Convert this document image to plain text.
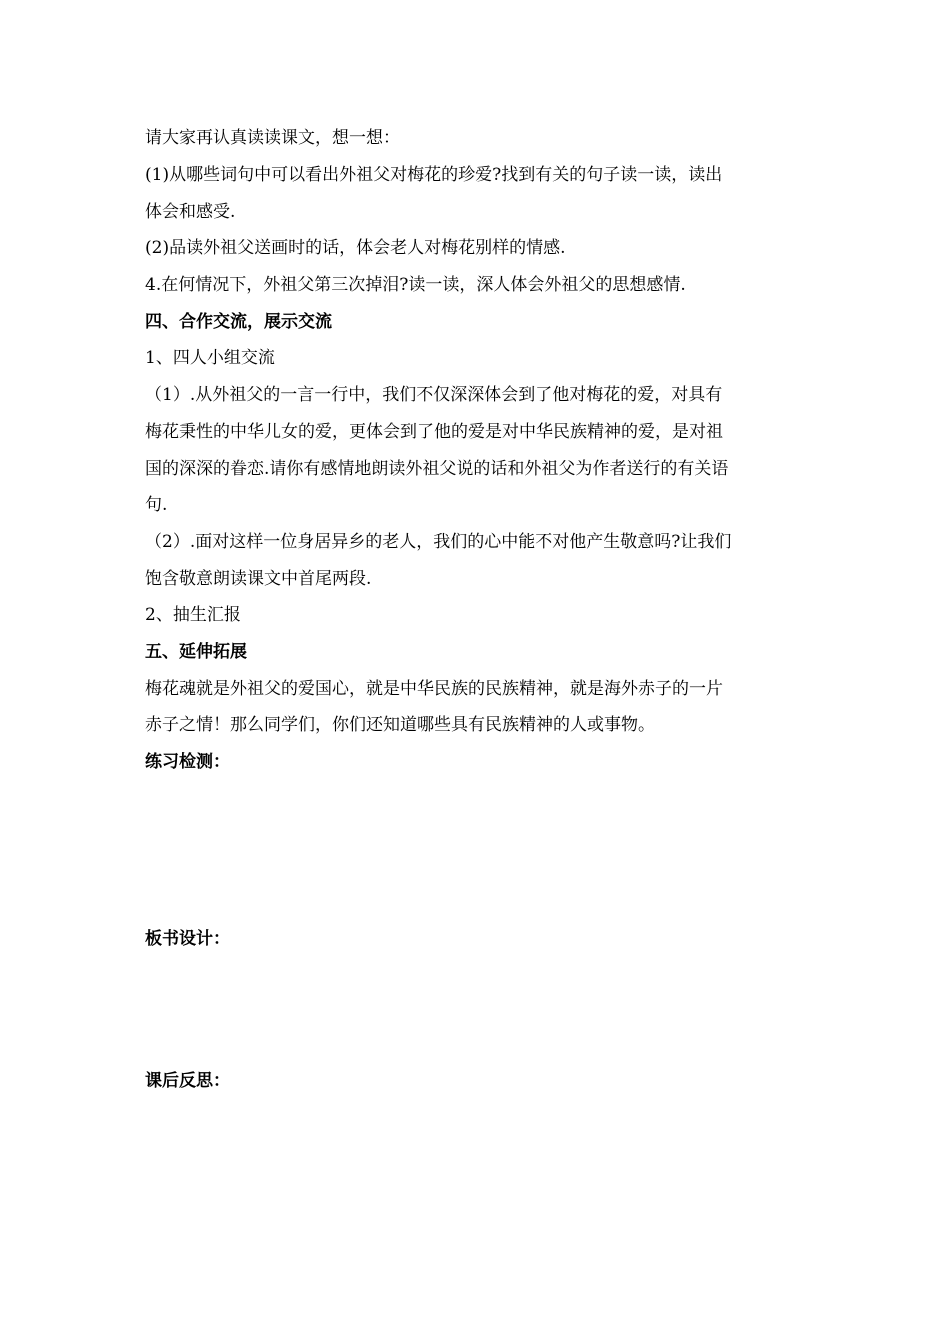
请大家再认真读读课文，想一想：
(1)从哪些词句中可以看出外祖父对梅花的珍爱?找到有关的句子读一读，读出
体会和感受.
(2)品读外祖父送画时的话，体会老人对梅花别样的情感.
4.在何情况下，外祖父第三次掉泪?读一读，深人体会外祖父的思想感情.
四、合作交流，展示交流
1、四人小组交流
（1）.从外祖父的一言一行中，我们不仅深深体会到了他对梅花的爱，对具有
梅花秉性的中华儿女的爱，更体会到了他的爱是对中华民族精神的爱，是对祖
国的深深的眷恋.请你有感情地朗读外祖父说的话和外祖父为作者送行的有关语
句.
（2）.面对这样一位身居异乡的老人，我们的心中能不对他产生敬意吗?让我们
饱含敬意朗读课文中首尾两段.
2、抽生汇报
五、延伸拓展
梅花魂就是外祖父的爱国心，就是中华民族的民族精神，就是海外赤子的一片
赤子之情！那么同学们，你们还知道哪些具有民族精神的人或事物。
练习检测：
板书设计：
课后反思：
